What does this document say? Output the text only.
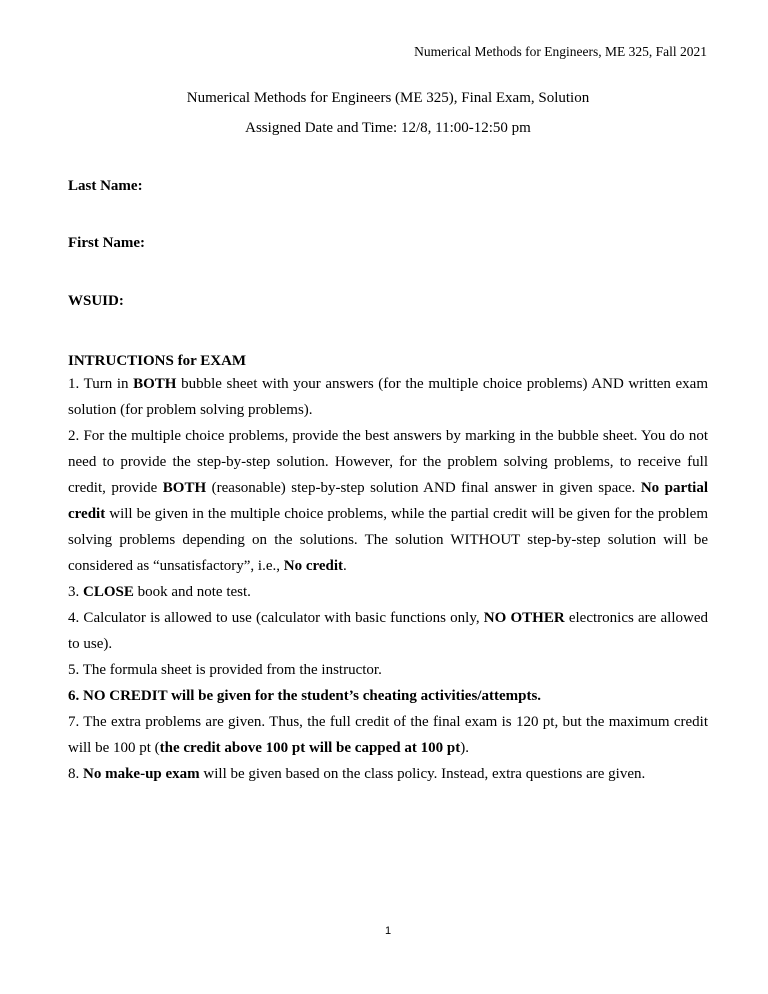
Numerical Methods for Engineers, ME 325, Fall 2021
Numerical Methods for Engineers (ME 325), Final Exam, Solution
Assigned Date and Time: 12/8, 11:00-12:50 pm
Last Name:
First Name:
WSUID:
INTRUCTIONS for EXAM

1. Turn in BOTH bubble sheet with your answers (for the multiple choice problems) AND written exam solution (for problem solving problems).

2. For the multiple choice problems, provide the best answers by marking in the bubble sheet. You do not need to provide the step-by-step solution. However, for the problem solving problems, to receive full credit, provide BOTH (reasonable) step-by-step solution AND final answer in given space. No partial credit will be given in the multiple choice problems, while the partial credit will be given for the problem solving problems depending on the solutions. The solution WITHOUT step-by-step solution will be considered as “unsatisfactory”, i.e., No credit.

3. CLOSE book and note test.

4. Calculator is allowed to use (calculator with basic functions only, NO OTHER electronics are allowed to use).

5. The formula sheet is provided from the instructor.

6. NO CREDIT will be given for the student’s cheating activities/attempts.

7. The extra problems are given. Thus, the full credit of the final exam is 120 pt, but the maximum credit will be 100 pt (the credit above 100 pt will be capped at 100 pt).

8. No make-up exam will be given based on the class policy. Instead, extra questions are given.

1
